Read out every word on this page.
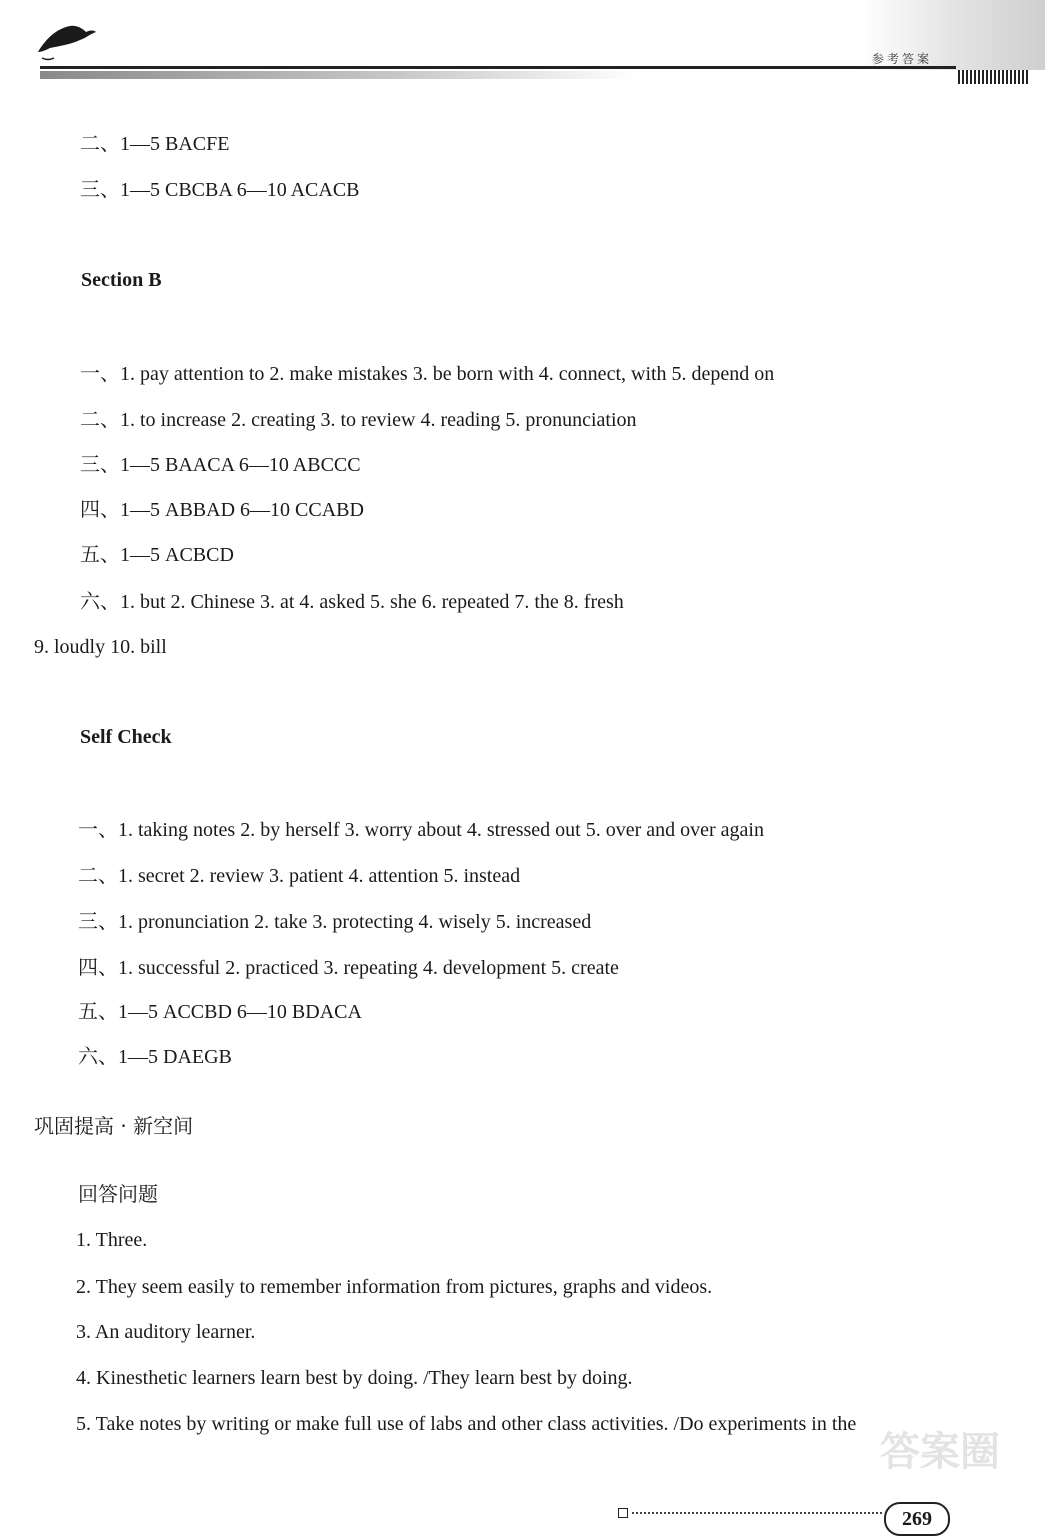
参考答案
二、1—5 BACFE
三、1—5 CBCBA 6—10 ACACB
Section B
一、1. pay attention to 2. make mistakes 3. be born with 4. connect, with 5. depend on
二、1. to increase 2. creating 3. to review 4. reading 5. pronunciation
三、1—5 BAACA 6—10 ABCCC
四、1—5 ABBAD 6—10 CCABD
五、1—5 ACBCD
六、1. but 2. Chinese 3. at 4. asked 5. she 6. repeated 7. the 8. fresh
9. loudly 10. bill
Self Check
一、1. taking notes 2. by herself 3. worry about 4. stressed out 5. over and over again
二、1. secret 2. review 3. patient 4. attention 5. instead
三、1. pronunciation 2. take 3. protecting 4. wisely 5. increased
四、1. successful 2. practiced 3. repeating 4. development 5. create
五、1—5 ACCBD 6—10 BDACA
六、1—5 DAEGB
巩固提高 · 新空间
回答问题
1. Three.
2. They seem easily to remember information from pictures, graphs and videos.
3. An auditory learner.
4. Kinesthetic learners learn best by doing. /They learn best by doing.
5. Take notes by writing or make full use of labs and other class activities. /Do experiments in the
答案圈
269
